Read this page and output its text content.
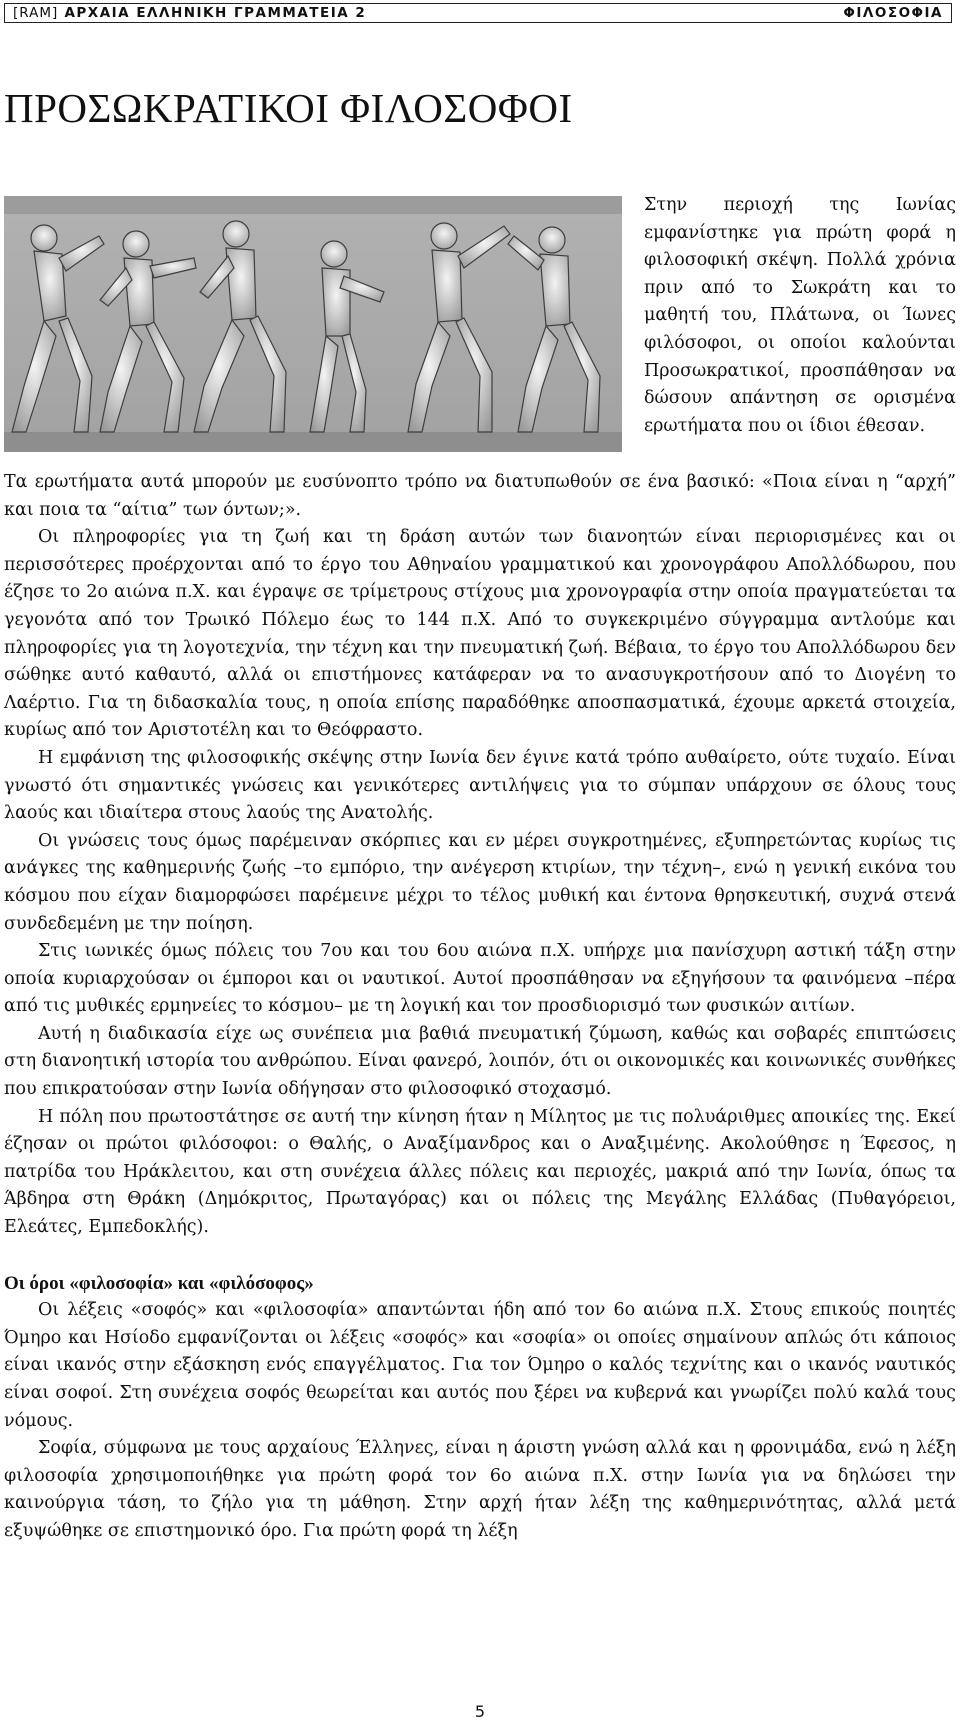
[RAM] ΑΡΧΑΙΑ ΕΛΛΗΝΙΚΗ ΓΡΑΜΜΑΤΕΙΑ 2	ΦΙΛΟΣΟΦΙΑ
ΠΡΟΣΩΚΡΑΤΙΚΟΙ ΦΙΛΟΣΟΦΟΙ

Στην περιοχή της Ιωνίας εμφανίστηκε για πρώτη φορά η φιλοσοφική σκέψη. Πολλά χρόνια πριν από το Σωκράτη και το μαθητή του, Πλάτωνα, οι Ίωνες φιλόσοφοι, οι οποίοι καλούνται Προσωκρατικοί, προσπάθησαν να δώσουν απάντηση σε ορισμένα ερωτήματα που οι ίδιοι έθεσαν.

Τα ερωτήματα αυτά μπορούν με ευσύνοπτο τρόπο να διατυπωθούν σε ένα βασικό: «Ποια είναι η “αρχή” και ποια τα “αίτια” των όντων;».

Οι πληροφορίες για τη ζωή και τη δράση αυτών των διανοητών είναι περιορισμένες και οι περισσότερες προέρχονται από το έργο του Αθηναίου γραμματικού και χρονογράφου Απολλόδωρου, που έζησε το 2ο αιώνα π.Χ. και έγραψε σε τρίμετρους στίχους μια χρονογραφία στην οποία πραγματεύεται τα γεγονότα από τον Τρωικό Πόλεμο έως το 144 π.Χ. Από το συγκεκριμένο σύγγραμμα αντλούμε και πληροφορίες για τη λογοτεχνία, την τέχνη και την πνευματική ζωή. Βέβαια, το έργο του Απολλόδωρου δεν σώθηκε αυτό καθαυτό, αλλά οι επιστήμονες κατάφεραν να το ανασυγκροτήσουν από το Διογένη το Λαέρτιο. Για τη διδασκαλία τους, η οποία επίσης παραδόθηκε αποσπασματικά, έχουμε αρκετά στοιχεία, κυρίως από τον Αριστοτέλη και το Θεόφραστο.

Η εμφάνιση της φιλοσοφικής σκέψης στην Ιωνία δεν έγινε κατά τρόπο αυθαίρετο, ούτε τυχαίο. Είναι γνωστό ότι σημαντικές γνώσεις και γενικότερες αντιλήψεις για το σύμπαν υπάρχουν σε όλους τους λαούς και ιδιαίτερα στους λαούς της Ανατολής.

Οι γνώσεις τους όμως παρέμειναν σκόρπιες και εν μέρει συγκροτημένες, εξυπηρετώντας κυρίως τις ανάγκες της καθημερινής ζωής –το εμπόριο, την ανέγερση κτιρίων, την τέχνη–, ενώ η γενική εικόνα του κόσμου που είχαν διαμορφώσει παρέμεινε μέχρι το τέλος μυθική και έντονα θρησκευτική, συχνά στενά συνδεδεμένη με την ποίηση.

Στις ιωνικές όμως πόλεις του 7ου και του 6ου αιώνα π.Χ. υπήρχε μια πανίσχυρη αστική τάξη στην οποία κυριαρχούσαν οι έμποροι και οι ναυτικοί. Αυτοί προσπάθησαν να εξηγήσουν τα φαινόμενα –πέρα από τις μυθικές ερμηνείες το κόσμου– με τη λογική και τον προσδιορισμό των φυσικών αιτίων.

Αυτή η διαδικασία είχε ως συνέπεια μια βαθιά πνευματική ζύμωση, καθώς και σοβαρές επιπτώσεις στη διανοητική ιστορία του ανθρώπου. Είναι φανερό, λοιπόν, ότι οι οικονομικές και κοινωνικές συνθήκες που επικρατούσαν στην Ιωνία οδήγησαν στο φιλοσοφικό στοχασμό.

Η πόλη που πρωτοστάτησε σε αυτή την κίνηση ήταν η Μίλητος με τις πολυάριθμες αποικίες της. Εκεί έζησαν οι πρώτοι φιλόσοφοι: ο Θαλής, ο Αναξίμανδρος και ο Αναξιμένης. Ακολούθησε η Έφεσος, η πατρίδα του Ηράκλειτου, και στη συνέχεια άλλες πόλεις και περιοχές, μακριά από την Ιωνία, όπως τα Άβδηρα στη Θράκη (Δημόκριτος, Πρωταγόρας) και οι πόλεις της Μεγάλης Ελλάδας (Πυθαγόρειοι, Ελεάτες, Εμπεδοκλής).

Οι όροι «φιλοσοφία» και «φιλόσοφος»

Οι λέξεις «σοφός» και «φιλοσοφία» απαντώνται ήδη από τον 6ο αιώνα π.Χ. Στους επικούς ποιητές Όμηρο και Ησίοδο εμφανίζονται οι λέξεις «σοφός» και «σοφία» οι οποίες σημαίνουν απλώς ότι κάποιος είναι ικανός στην εξάσκηση ενός επαγγέλματος. Για τον Όμηρο ο καλός τεχνίτης και ο ικανός ναυτικός είναι σοφοί. Στη συνέχεια σοφός θεωρείται και αυτός που ξέρει να κυβερνά και γνωρίζει πολύ καλά τους νόμους.

Σοφία, σύμφωνα με τους αρχαίους Έλληνες, είναι η άριστη γνώση αλλά και η φρονιμάδα, ενώ η λέξη φιλοσοφία χρησιμοποιήθηκε για πρώτη φορά τον 6ο αιώνα π.Χ. στην Ιωνία για να δηλώσει την καινούργια τάση, το ζήλο για τη μάθηση. Στην αρχή ήταν λέξη της καθημερινότητας, αλλά μετά εξυψώθηκε σε επιστημονικό όρο. Για πρώτη φορά τη λέξη

5
